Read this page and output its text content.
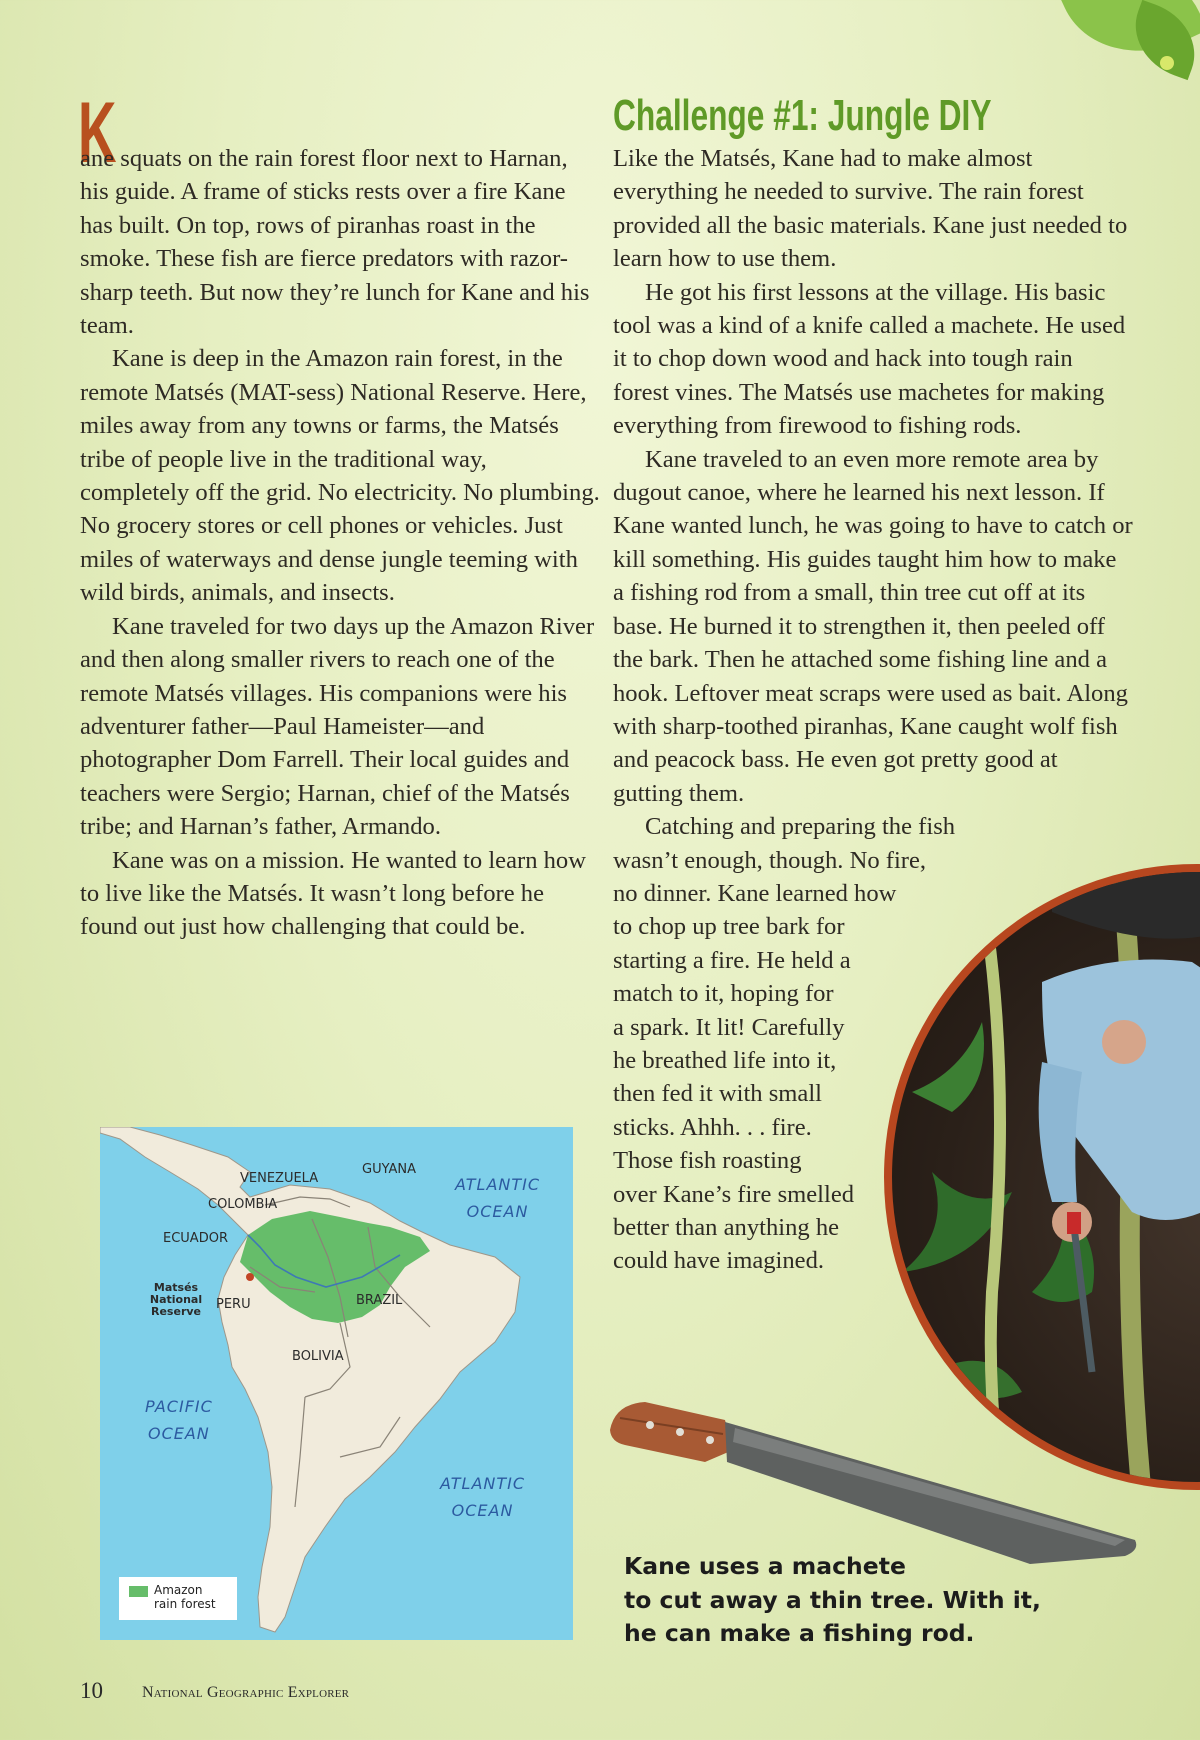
K

ane squats on the rain forest floor next to Harnan, his guide. A frame of sticks rests over a fire Kane has built. On top, rows of piranhas roast in the smoke. These fish are fierce predators with razor-sharp teeth. But now they’re lunch for Kane and his team.

Kane is deep in the Amazon rain forest, in the remote Matsés (MAT-sess) National Reserve. Here, miles away from any towns or farms, the Matsés tribe of people live in the traditional way, completely off the grid. No electricity. No plumbing. No grocery stores or cell phones or vehicles. Just miles of waterways and dense jungle teeming with wild birds, animals, and insects.

Kane traveled for two days up the Amazon River and then along smaller rivers to reach one of the remote Matsés villages. His companions were his adventurer father—Paul Hameister—and photographer Dom Farrell. Their local guides and teachers were Sergio; Harnan, chief of the Matsés tribe; and Harnan’s father, Armando.

Kane was on a mission. He wanted to learn how to live like the Matsés. It wasn’t long before he found out just how challenging that could be.

Challenge #1: Jungle DIY

Like the Matsés, Kane had to make almost everything he needed to survive. The rain forest provided all the basic materials. Kane just needed to learn how to use them.

He got his first lessons at the village. His basic tool was a kind of a knife called a machete. He used it to chop down wood and hack into tough rain forest vines. The Matsés use machetes for making everything from firewood to fishing rods.

Kane traveled to an even more remote area by dugout canoe, where he learned his next lesson. If Kane wanted lunch, he was going to have to catch or kill something. His guides taught him how to make a fishing rod from a small, thin tree cut off at its base. He burned it to strengthen it, then peeled off the bark. Then he attached some fishing line and a hook. Leftover meat scraps were used as bait. Along with sharp-toothed piranhas, Kane caught wolf fish and peacock bass. He even got pretty good at gutting them.

Catching and preparing the fish
wasn’t enough, though. No fire,
no dinner. Kane learned how
to chop up tree bark for
starting a fire. He held a
match to it, hoping for
a spark. It lit! Carefully
he breathed life into it,
then fed it with small
sticks. Ahhh. . . fire.
Those fish roasting
over Kane’s fire smelled
better than anything he
could have imagined.
VENEZUELA
GUYANA
COLOMBIA
ECUADOR
Matsés National Reserve	PERU	BRAZIL
BOLIVIA
ATLANTIC
OCEAN
PACIFIC
OCEAN
ATLANTIC
OCEAN
Amazon
rain forest
Kane uses a machete
to cut away a thin tree. With it,
he can make a fishing rod.
10 National Geographic Explorer
